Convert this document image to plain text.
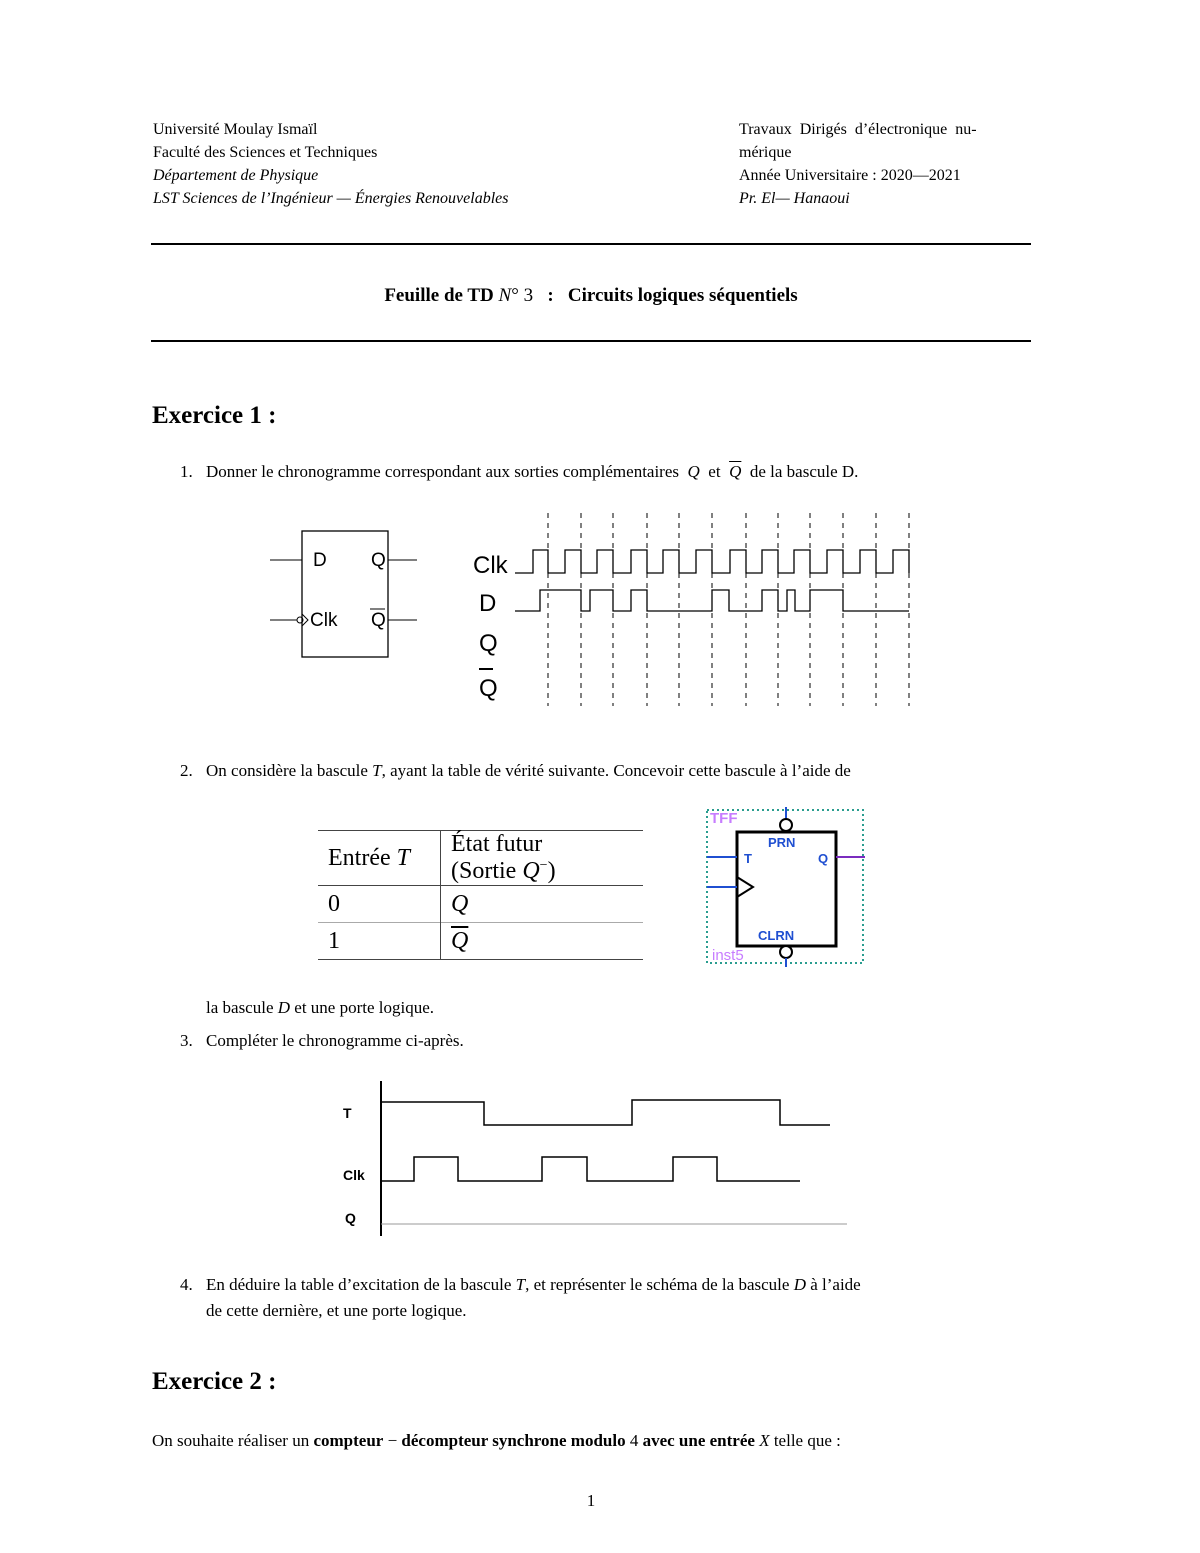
Université Moulay Ismaïl
Faculté des Sciences et Techniques
Département de Physique
LST Sciences de l’Ingénieur — Énergies Renouvelables
Travaux  Dirigés  d’électronique  nu-
mérique
Année Universitaire : 2020—2021
Pr. El— Hanaoui
Feuille de TD N° 3 : Circuits logiques séquentiels
Exercice 1 :
1. Donner le chronogramme correspondant aux sorties complémentaires Q et $\overline{Q}$ de la bascule D.
D Q
Clk Q
Clk
D
Q
Q
2. On considère la bascule T, ayant la table de vérité suivante. Concevoir cette bascule à l’aide de
Entrée T	État futur (Sortie Q−)
0	Q
1	$\overline{Q}$
TFF
PRN
T	Q
CLRN
inst5
la bascule D et une porte logique.
3. Compléter le chronogramme ci-après.
T
Clk
Q
4. En déduire la table d’excitation de la bascule T, et représenter le schéma de la bascule D à l’aide
de cette dernière, et une porte logique.
Exercice 2 :
On souhaite réaliser un compteur − décompteur synchrone modulo 4 avec une entrée X telle que :
1
